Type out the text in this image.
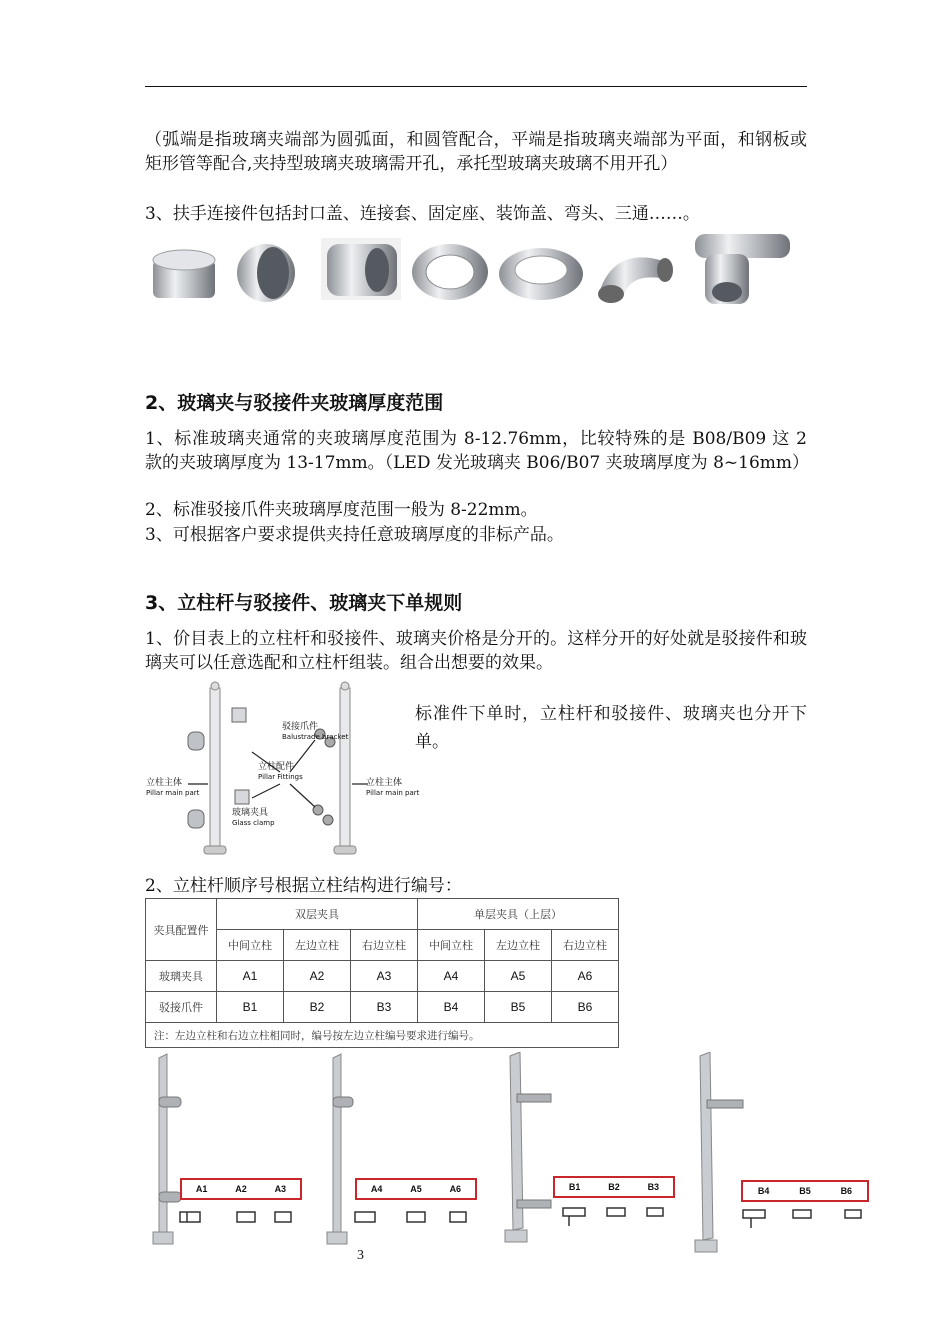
（弧端是指玻璃夹端部为圆弧面，和圆管配合，平端是指玻璃夹端部为平面，和钢板或矩形管等配合,夹持型玻璃夹玻璃需开孔，承托型玻璃夹玻璃不用开孔）

3、扶手连接件包括封口盖、连接套、固定座、装饰盖、弯头、三通……。

2、玻璃夹与驳接件夹玻璃厚度范围

1、标准玻璃夹通常的夹玻璃厚度范围为 8-12.76mm，比较特殊的是 B08/B09 这 2 款的夹玻璃厚度为 13-17mm。（LED 发光玻璃夹 B06/B07 夹玻璃厚度为 8~16mm）

2、标准驳接爪件夹玻璃厚度范围一般为 8-22mm。

3、可根据客户要求提供夹持任意玻璃厚度的非标产品。

3、立柱杆与驳接件、玻璃夹下单规则

1、价目表上的立柱杆和驳接件、玻璃夹价格是分开的。这样分开的好处就是驳接件和玻璃夹可以任意选配和立柱杆组装。组合出想要的效果。

驳接爪件
Balustrade bracket
立柱配件
Pillar Fittings
玻璃夹具
Glass clamp
立柱主体
Pillar main part
立柱主体
Pillar main part
标准件下单时，立柱杆和驳接件、玻璃夹也分开下单。

2、立柱杆顺序号根据立柱结构进行编号：

夹具配置件	双层夹具			单层夹具（上层）		
	中间立柱	左边立柱	右边立柱	中间立柱	左边立柱	右边立柱
玻璃夹具	A1	A2	A3	A4	A5	A6
驳接爪件	B1	B2	B3	B4	B5	B6
注：左边立柱和右边立柱相同时，编号按左边立柱编号要求进行编号。						
A1	A2	A3	A4	A5	A6	B1	B2	B3	B4	B5	B6
3
